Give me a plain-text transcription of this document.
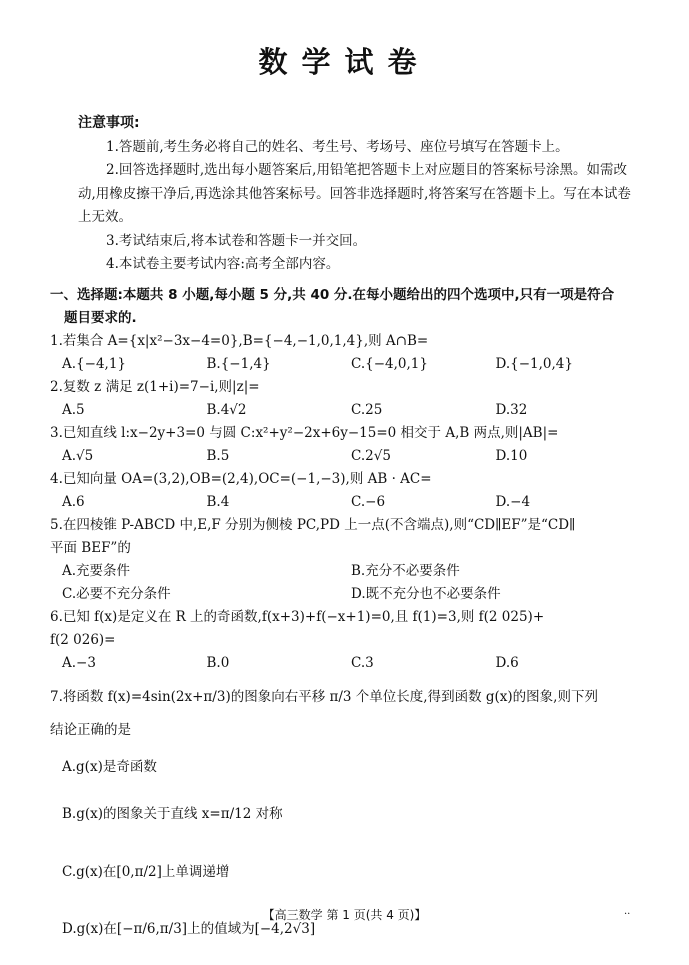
数学试卷

注意事项:

1.答题前,考生务必将自己的姓名、考生号、考场号、座位号填写在答题卡上。

2.回答选择题时,选出每小题答案后,用铅笔把答题卡上对应题目的答案标号涂黑。如需改动,用橡皮擦干净后,再选涂其他答案标号。回答非选择题时,将答案写在答题卡上。写在本试卷上无效。

3.考试结束后,将本试卷和答题卡一并交回。

4.本试卷主要考试内容:高考全部内容。

一、选择题:本题共 8 小题,每小题 5 分,共 40 分.在每小题给出的四个选项中,只有一项是符合

题目要求的.

1.若集合 A={x|x²−3x−4=0},B={−4,−1,0,1,4},则 A∩B=

A.{−4,1}	B.{−1,4}	C.{−4,0,1}	D.{−1,0,4}

2.复数 z 满足 z(1+i)=7−i,则|z|=

A.5	B.4√2	C.25	D.32

3.已知直线 l:x−2y+3=0 与圆 C:x²+y²−2x+6y−15=0 相交于 A,B 两点,则|AB|=

A.√5	B.5	C.2√5	D.10

4.已知向量 OA=(3,2),OB=(2,4),OC=(−1,−3),则 AB · AC=

A.6	B.4	C.−6	D.−4

5.在四棱锥 P-ABCD 中,E,F 分别为侧棱 PC,PD 上一点(不含端点),则“CD∥EF”是“CD∥

平面 BEF”的

A.充要条件	B.充分不必要条件
C.必要不充分条件	D.既不充分也不必要条件

6.已知 f(x)是定义在 R 上的奇函数,f(x+3)+f(−x+1)=0,且 f(1)=3,则 f(2 025)+

f(2 026)=

A.−3	B.0	C.3	D.6

7.将函数 f(x)=4sin(2x+π/3)的图象向右平移 π/3 个单位长度,得到函数 g(x)的图象,则下列

结论正确的是

A.g(x)是奇函数

B.g(x)的图象关于直线 x=π/12 对称

C.g(x)在[0,π/2]上单调递增

D.g(x)在[−π/6,π/3]上的值域为[−4,2√3]

【高三数学 第 1 页(共 4 页)】	..
